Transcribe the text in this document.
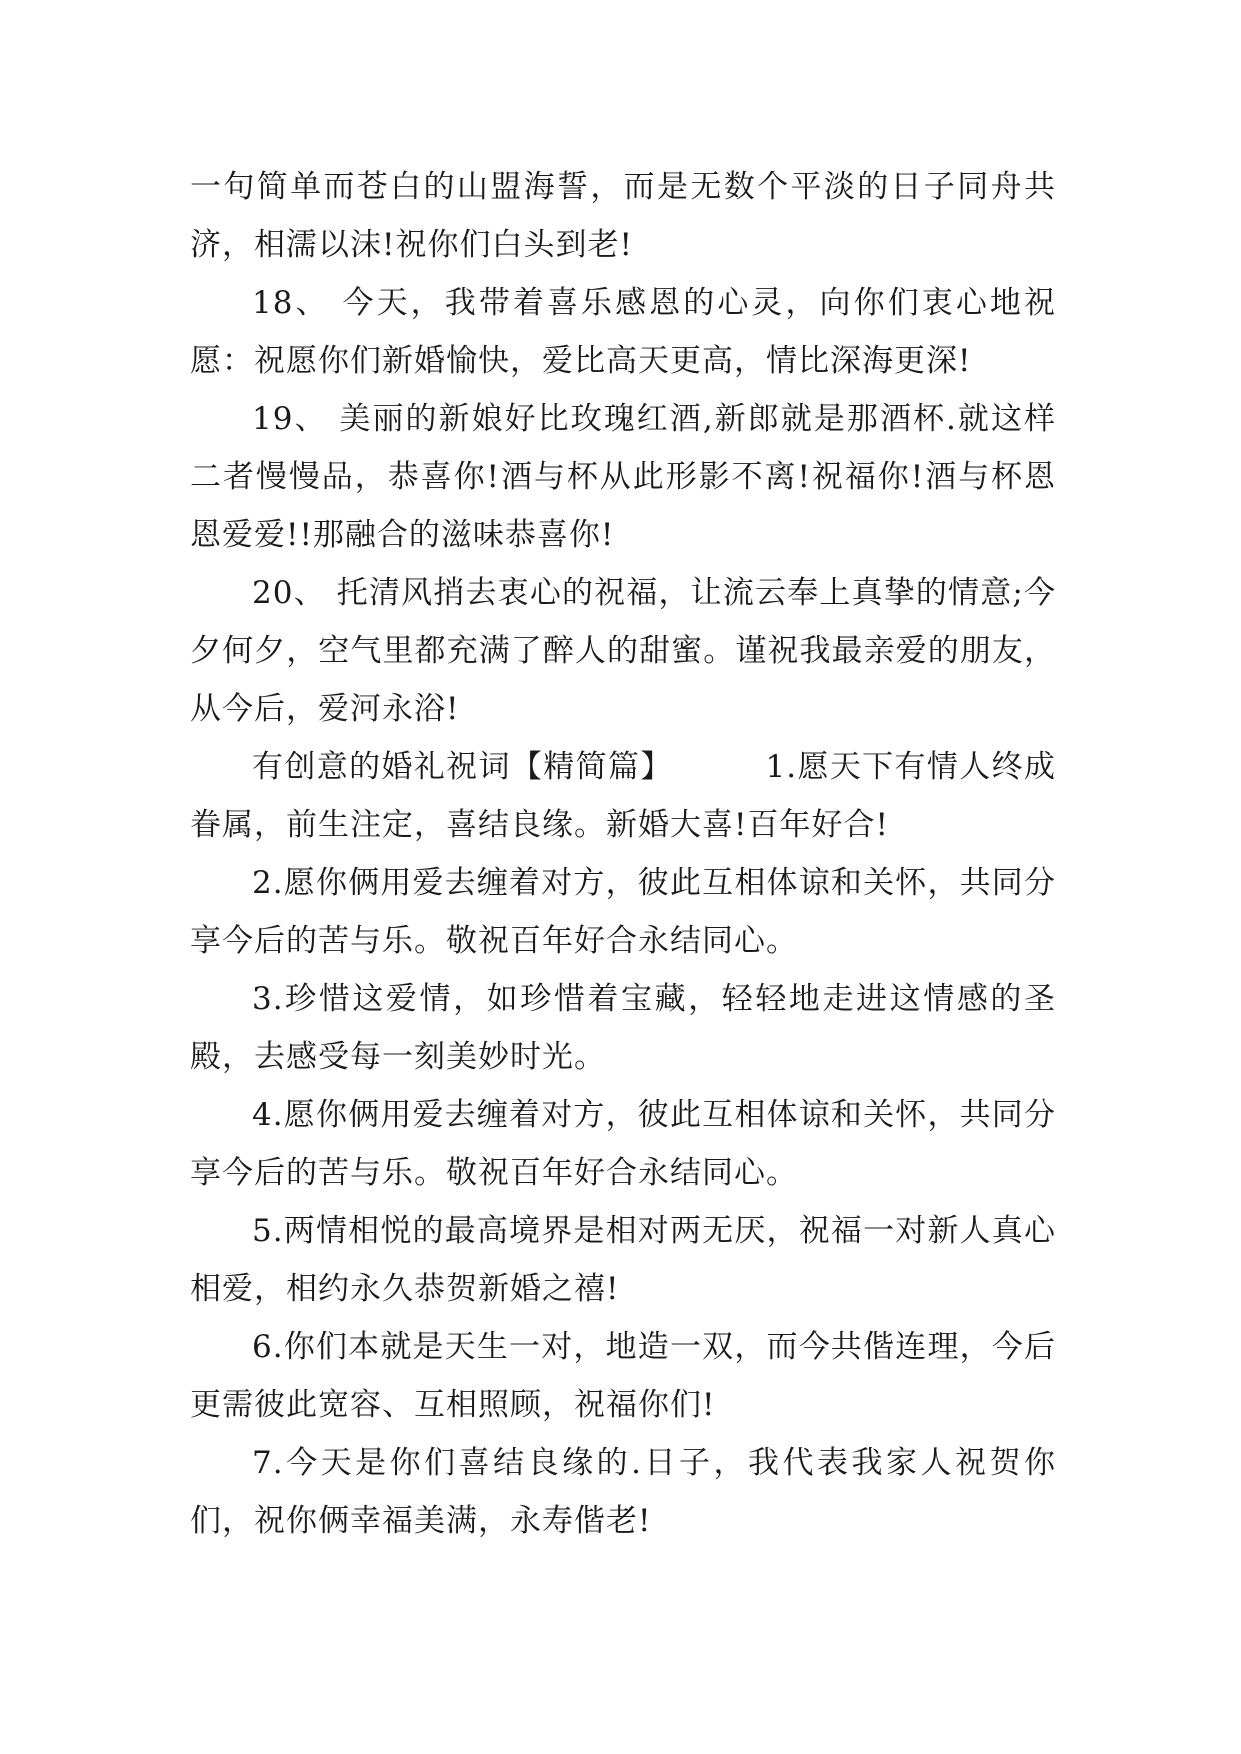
一句简单而苍白的山盟海誓，而是无数个平淡的日子同舟共济，相濡以沫!祝你们白头到老!

18、 今天，我带着喜乐感恩的心灵，向你们衷心地祝愿：祝愿你们新婚愉快，爱比高天更高，情比深海更深!

19、 美丽的新娘好比玫瑰红酒,新郎就是那酒杯.就这样二者慢慢品，恭喜你!酒与杯从此形影不离!祝福你!酒与杯恩恩爱爱!!那融合的滋味恭喜你!

20、 托清风捎去衷心的祝福，让流云奉上真挚的情意;今夕何夕，空气里都充满了醉人的甜蜜。谨祝我最亲爱的朋友，从今后，爱河永浴!

有创意的婚礼祝词【精简篇】　　　 1.愿天下有情人终成眷属，前生注定，喜结良缘。新婚大喜!百年好合!

2.愿你俩用爱去缠着对方，彼此互相体谅和关怀，共同分享今后的苦与乐。敬祝百年好合永结同心。

3.珍惜这爱情，如珍惜着宝藏，轻轻地走进这情感的圣殿，去感受每一刻美妙时光。

4.愿你俩用爱去缠着对方，彼此互相体谅和关怀，共同分享今后的苦与乐。敬祝百年好合永结同心。

5.两情相悦的最高境界是相对两无厌，祝福一对新人真心相爱，相约永久恭贺新婚之禧!

6.你们本就是天生一对，地造一双，而今共偕连理，今后更需彼此宽容、互相照顾，祝福你们!

7.今天是你们喜结良缘的.日子，我代表我家人祝贺你们，祝你俩幸福美满，永寿偕老!
